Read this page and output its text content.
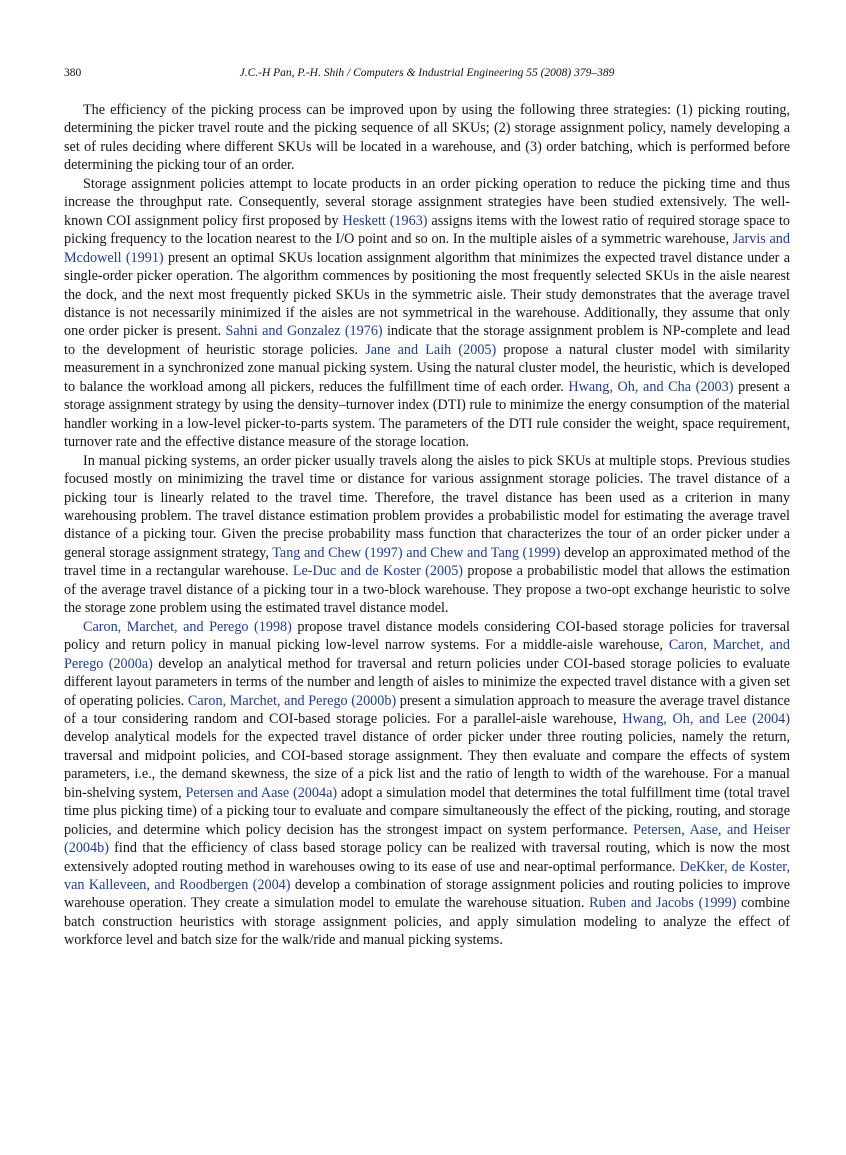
380	J.C.-H Pan, P.-H. Shih / Computers & Industrial Engineering 55 (2008) 379–389

The efficiency of the picking process can be improved upon by using the following three strategies: (1) picking routing, determining the picker travel route and the picking sequence of all SKUs; (2) storage assignment policy, namely developing a set of rules deciding where different SKUs will be located in a warehouse, and (3) order batching, which is performed before determining the picking tour of an order.

Storage assignment policies attempt to locate products in an order picking operation to reduce the picking time and thus increase the throughput rate. Consequently, several storage assignment strategies have been studied extensively. The well-known COI assignment policy first proposed by Heskett (1963) assigns items with the lowest ratio of required storage space to picking frequency to the location nearest to the I/O point and so on. In the multiple aisles of a symmetric warehouse, Jarvis and Mcdowell (1991) present an optimal SKUs location assignment algorithm that minimizes the expected travel distance under a single-order picker operation. The algorithm commences by positioning the most frequently selected SKUs in the aisle nearest the dock, and the next most frequently picked SKUs in the symmetric aisle. Their study demonstrates that the average travel distance is not necessarily minimized if the aisles are not symmetrical in the warehouse. Additionally, they assume that only one order picker is present. Sahni and Gonzalez (1976) indicate that the storage assignment problem is NP-complete and lead to the development of heuristic storage policies. Jane and Laih (2005) propose a natural cluster model with similarity measurement in a synchronized zone manual picking system. Using the natural cluster model, the heuristic, which is developed to balance the workload among all pickers, reduces the fulfillment time of each order. Hwang, Oh, and Cha (2003) present a storage assignment strategy by using the density–turnover index (DTI) rule to minimize the energy consumption of the material handler working in a low-level picker-to-parts system. The parameters of the DTI rule consider the weight, space requirement, turnover rate and the effective distance measure of the storage location.

In manual picking systems, an order picker usually travels along the aisles to pick SKUs at multiple stops. Previous studies focused mostly on minimizing the travel time or distance for various assignment storage policies. The travel distance of a picking tour is linearly related to the travel time. Therefore, the travel distance has been used as a criterion in many warehousing problem. The travel distance estimation problem provides a probabilistic model for estimating the average travel distance of a picking tour. Given the precise probability mass function that characterizes the tour of an order picker under a general storage assignment strategy, Tang and Chew (1997) and Chew and Tang (1999) develop an approximated method of the travel time in a rectangular warehouse. Le-Duc and de Koster (2005) propose a probabilistic model that allows the estimation of the average travel distance of a picking tour in a two-block warehouse. They propose a two-opt exchange heuristic to solve the storage zone problem using the estimated travel distance model.

Caron, Marchet, and Perego (1998) propose travel distance models considering COI-based storage policies for traversal policy and return policy in manual picking low-level narrow systems. For a middle-aisle warehouse, Caron, Marchet, and Perego (2000a) develop an analytical method for traversal and return policies under COI-based storage policies to evaluate different layout parameters in terms of the number and length of aisles to minimize the expected travel distance with a given set of operating policies. Caron, Marchet, and Perego (2000b) present a simulation approach to measure the average travel distance of a tour considering random and COI-based storage policies. For a parallel-aisle warehouse, Hwang, Oh, and Lee (2004) develop analytical models for the expected travel distance of order picker under three routing policies, namely the return, traversal and midpoint policies, and COI-based storage assignment. They then evaluate and compare the effects of system parameters, i.e., the demand skewness, the size of a pick list and the ratio of length to width of the warehouse. For a manual bin-shelving system, Petersen and Aase (2004a) adopt a simulation model that determines the total fulfillment time (total travel time plus picking time) of a picking tour to evaluate and compare simultaneously the effect of the picking, routing, and storage policies, and determine which policy decision has the strongest impact on system performance. Petersen, Aase, and Heiser (2004b) find that the efficiency of class based storage policy can be realized with traversal routing, which is now the most extensively adopted routing method in warehouses owing to its ease of use and near-optimal performance. DeKker, de Koster, van Kalleveen, and Roodbergen (2004) develop a combination of storage assignment policies and routing policies to improve warehouse operation. They create a simulation model to emulate the warehouse situation. Ruben and Jacobs (1999) combine batch construction heuristics with storage assignment policies, and apply simulation modeling to analyze the effect of workforce level and batch size for the walk/ride and manual picking systems.
